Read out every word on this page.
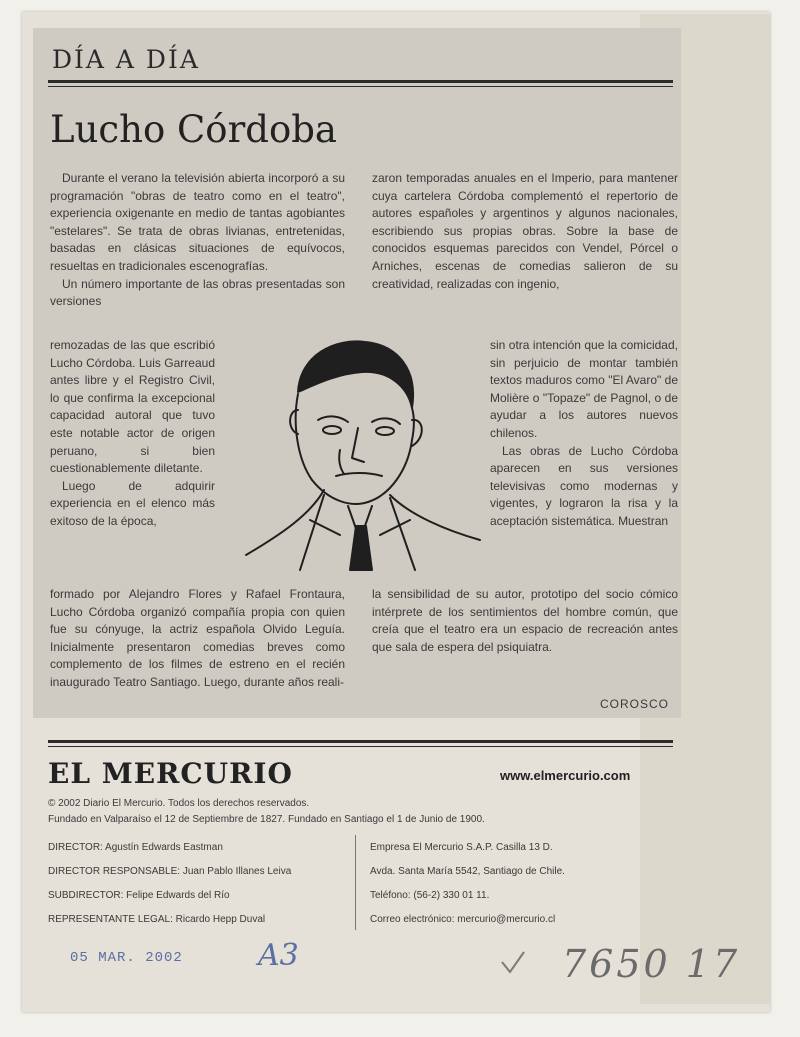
DÍA A DÍA
Lucho Córdoba

Durante el verano la televisión abierta incorporó a su programación "obras de teatro como en el teatro", experiencia oxigenante en medio de tantas agobiantes "estelares". Se trata de obras livianas, entretenidas, basadas en clásicas situaciones de equívocos, resueltas en tradicionales escenografías.

Un número importante de las obras presentadas son versiones

remozadas de las que escribió Lucho Córdoba. Luis Garreaud antes libre y el Registro Civil, lo que confirma la excepcional capacidad autoral que tuvo este notable actor de origen peruano, si bien cuestionablemente diletante.

Luego de adquirir experiencia en el elenco más exitoso de la época,

formado por Alejandro Flores y Rafael Frontaura, Lucho Córdoba organizó compañía propia con quien fue su cónyuge, la actriz española Olvido Leguía. Inicialmente presentaron comedias breves como complemento de los filmes de estreno en el recién inaugurado Teatro Santiago. Luego, durante años reali-

zaron temporadas anuales en el Imperio, para mantener cuya cartelera Córdoba complementó el repertorio de autores españoles y argentinos y algunos nacionales, escribiendo sus propias obras. Sobre la base de conocidos esquemas parecidos con Vendel, Pórcel o Arniches, escenas de comedias salieron de su creatividad, realizadas con ingenio,

sin otra intención que la comicidad, sin perjuicio de montar también textos maduros como "El Avaro" de Molière o "Topaze" de Pagnol, o de ayudar a los autores nuevos chilenos.

Las obras de Lucho Córdoba aparecen en sus versiones televisivas como modernas y vigentes, y lograron la risa y la aceptación sistemática. Muestran

la sensibilidad de su autor, prototipo del socio cómico intérprete de los sentimientos del hombre común, que creía que el teatro era un espacio de recreación antes que sala de espera del psiquiatra.

COROSCO
EL MERCURIO	www.elmercurio.com
© 2002 Diario El Mercurio. Todos los derechos reservados.
Fundado en Valparaíso el 12 de Septiembre de 1827. Fundado en Santiago el 1 de Junio de 1900.
DIRECTOR: Agustín Edwards Eastman
DIRECTOR RESPONSABLE: Juan Pablo Illanes Leiva
SUBDIRECTOR: Felipe Edwards del Río
REPRESENTANTE LEGAL: Ricardo Hepp Duval
Empresa El Mercurio S.A.P. Casilla 13 D.
Avda. Santa María 5542, Santiago de Chile.
Teléfono: (56-2) 330 01 11.
Correo electrónico: mercurio@mercurio.cl
05 MAR. 2002	A3	7650 17
